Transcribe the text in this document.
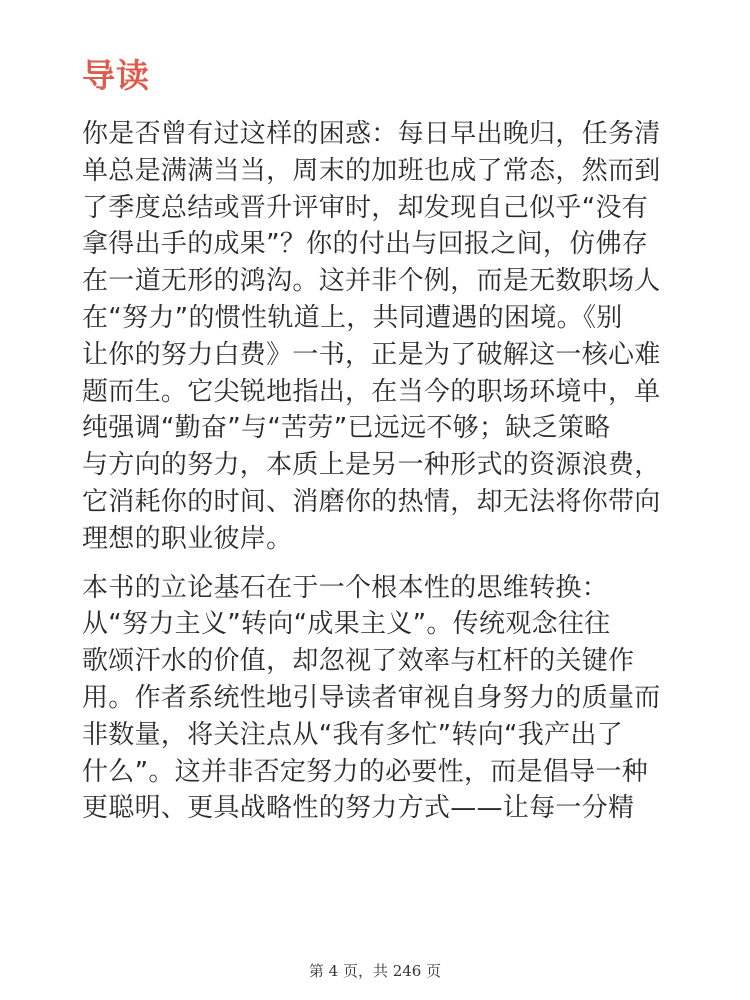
导读

你是否曾有过这样的困惑：每日早出晚归，任务清
单总是满满当当，周末的加班也成了常态，然而到
了季度总结或晋升评审时，却发现自己似乎“没有
拿得出手的成果”？你的付出与回报之间，仿佛存
在一道无形的鸿沟。这并非个例，而是无数职场人
在“努力”的惯性轨道上，共同遭遇的困境。《别
让你的努力白费》一书，正是为了破解这一核心难
题而生。它尖锐地指出，在当今的职场环境中，单
纯强调“勤奋”与“苦劳”已远远不够；缺乏策略
与方向的努力，本质上是另一种形式的资源浪费，
它消耗你的时间、消磨你的热情，却无法将你带向
理想的职业彼岸。

本书的立论基石在于一个根本性的思维转换：
从“努力主义”转向“成果主义”。传统观念往往
歌颂汗水的价值，却忽视了效率与杠杆的关键作
用。作者系统性地引导读者审视自身努力的质量而
非数量，将关注点从“我有多忙”转向“我产出了
什么”。这并非否定努力的必要性，而是倡导一种
更聪明、更具战略性的努力方式——让每一分精

第 4 页，共 246 页
